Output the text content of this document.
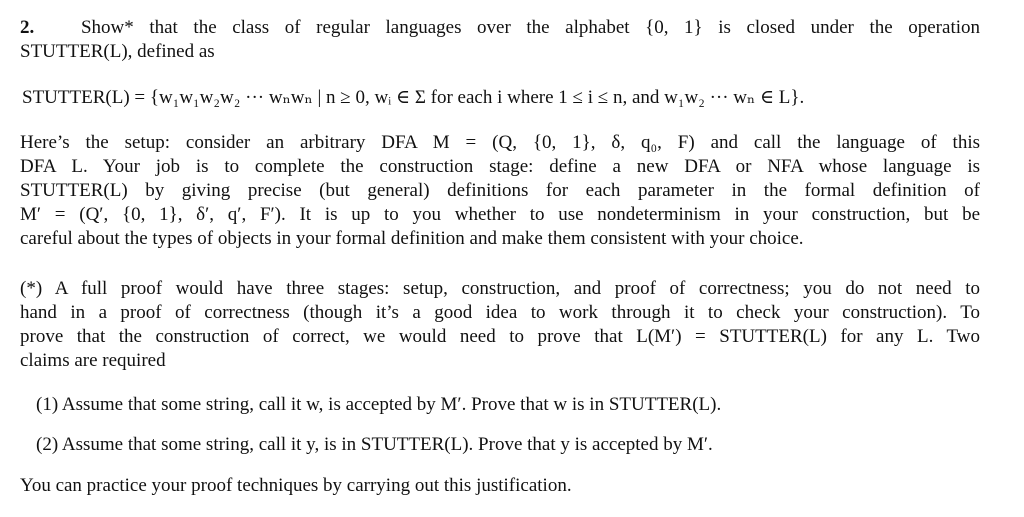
2. Show* that the class of regular languages over the alphabet {0, 1} is closed under the operation
STUTTER(L), defined as
STUTTER(L) = {w₁w₁w₂w₂ ··· wₙwₙ | n ≥ 0, wᵢ ∈ Σ for each i where 1 ≤ i ≤ n, and w₁w₂ ··· wₙ ∈ L}.
Here’s the setup: consider an arbitrary DFA M = (Q, {0, 1}, δ, q₀, F) and call the language of this
DFA L. Your job is to complete the construction stage: define a new DFA or NFA whose language is
STUTTER(L) by giving precise (but general) definitions for each parameter in the formal definition of
M′ = (Q′, {0, 1}, δ′, q′, F′). It is up to you whether to use nondeterminism in your construction, but be
careful about the types of objects in your formal definition and make them consistent with your choice.
(*) A full proof would have three stages: setup, construction, and proof of correctness; you do not need to
hand in a proof of correctness (though it’s a good idea to work through it to check your construction). To
prove that the construction of correct, we would need to prove that L(M′) = STUTTER(L) for any L. Two
claims are required
(1) Assume that some string, call it w, is accepted by M′. Prove that w is in STUTTER(L).
(2) Assume that some string, call it y, is in STUTTER(L). Prove that y is accepted by M′.
You can practice your proof techniques by carrying out this justification.
